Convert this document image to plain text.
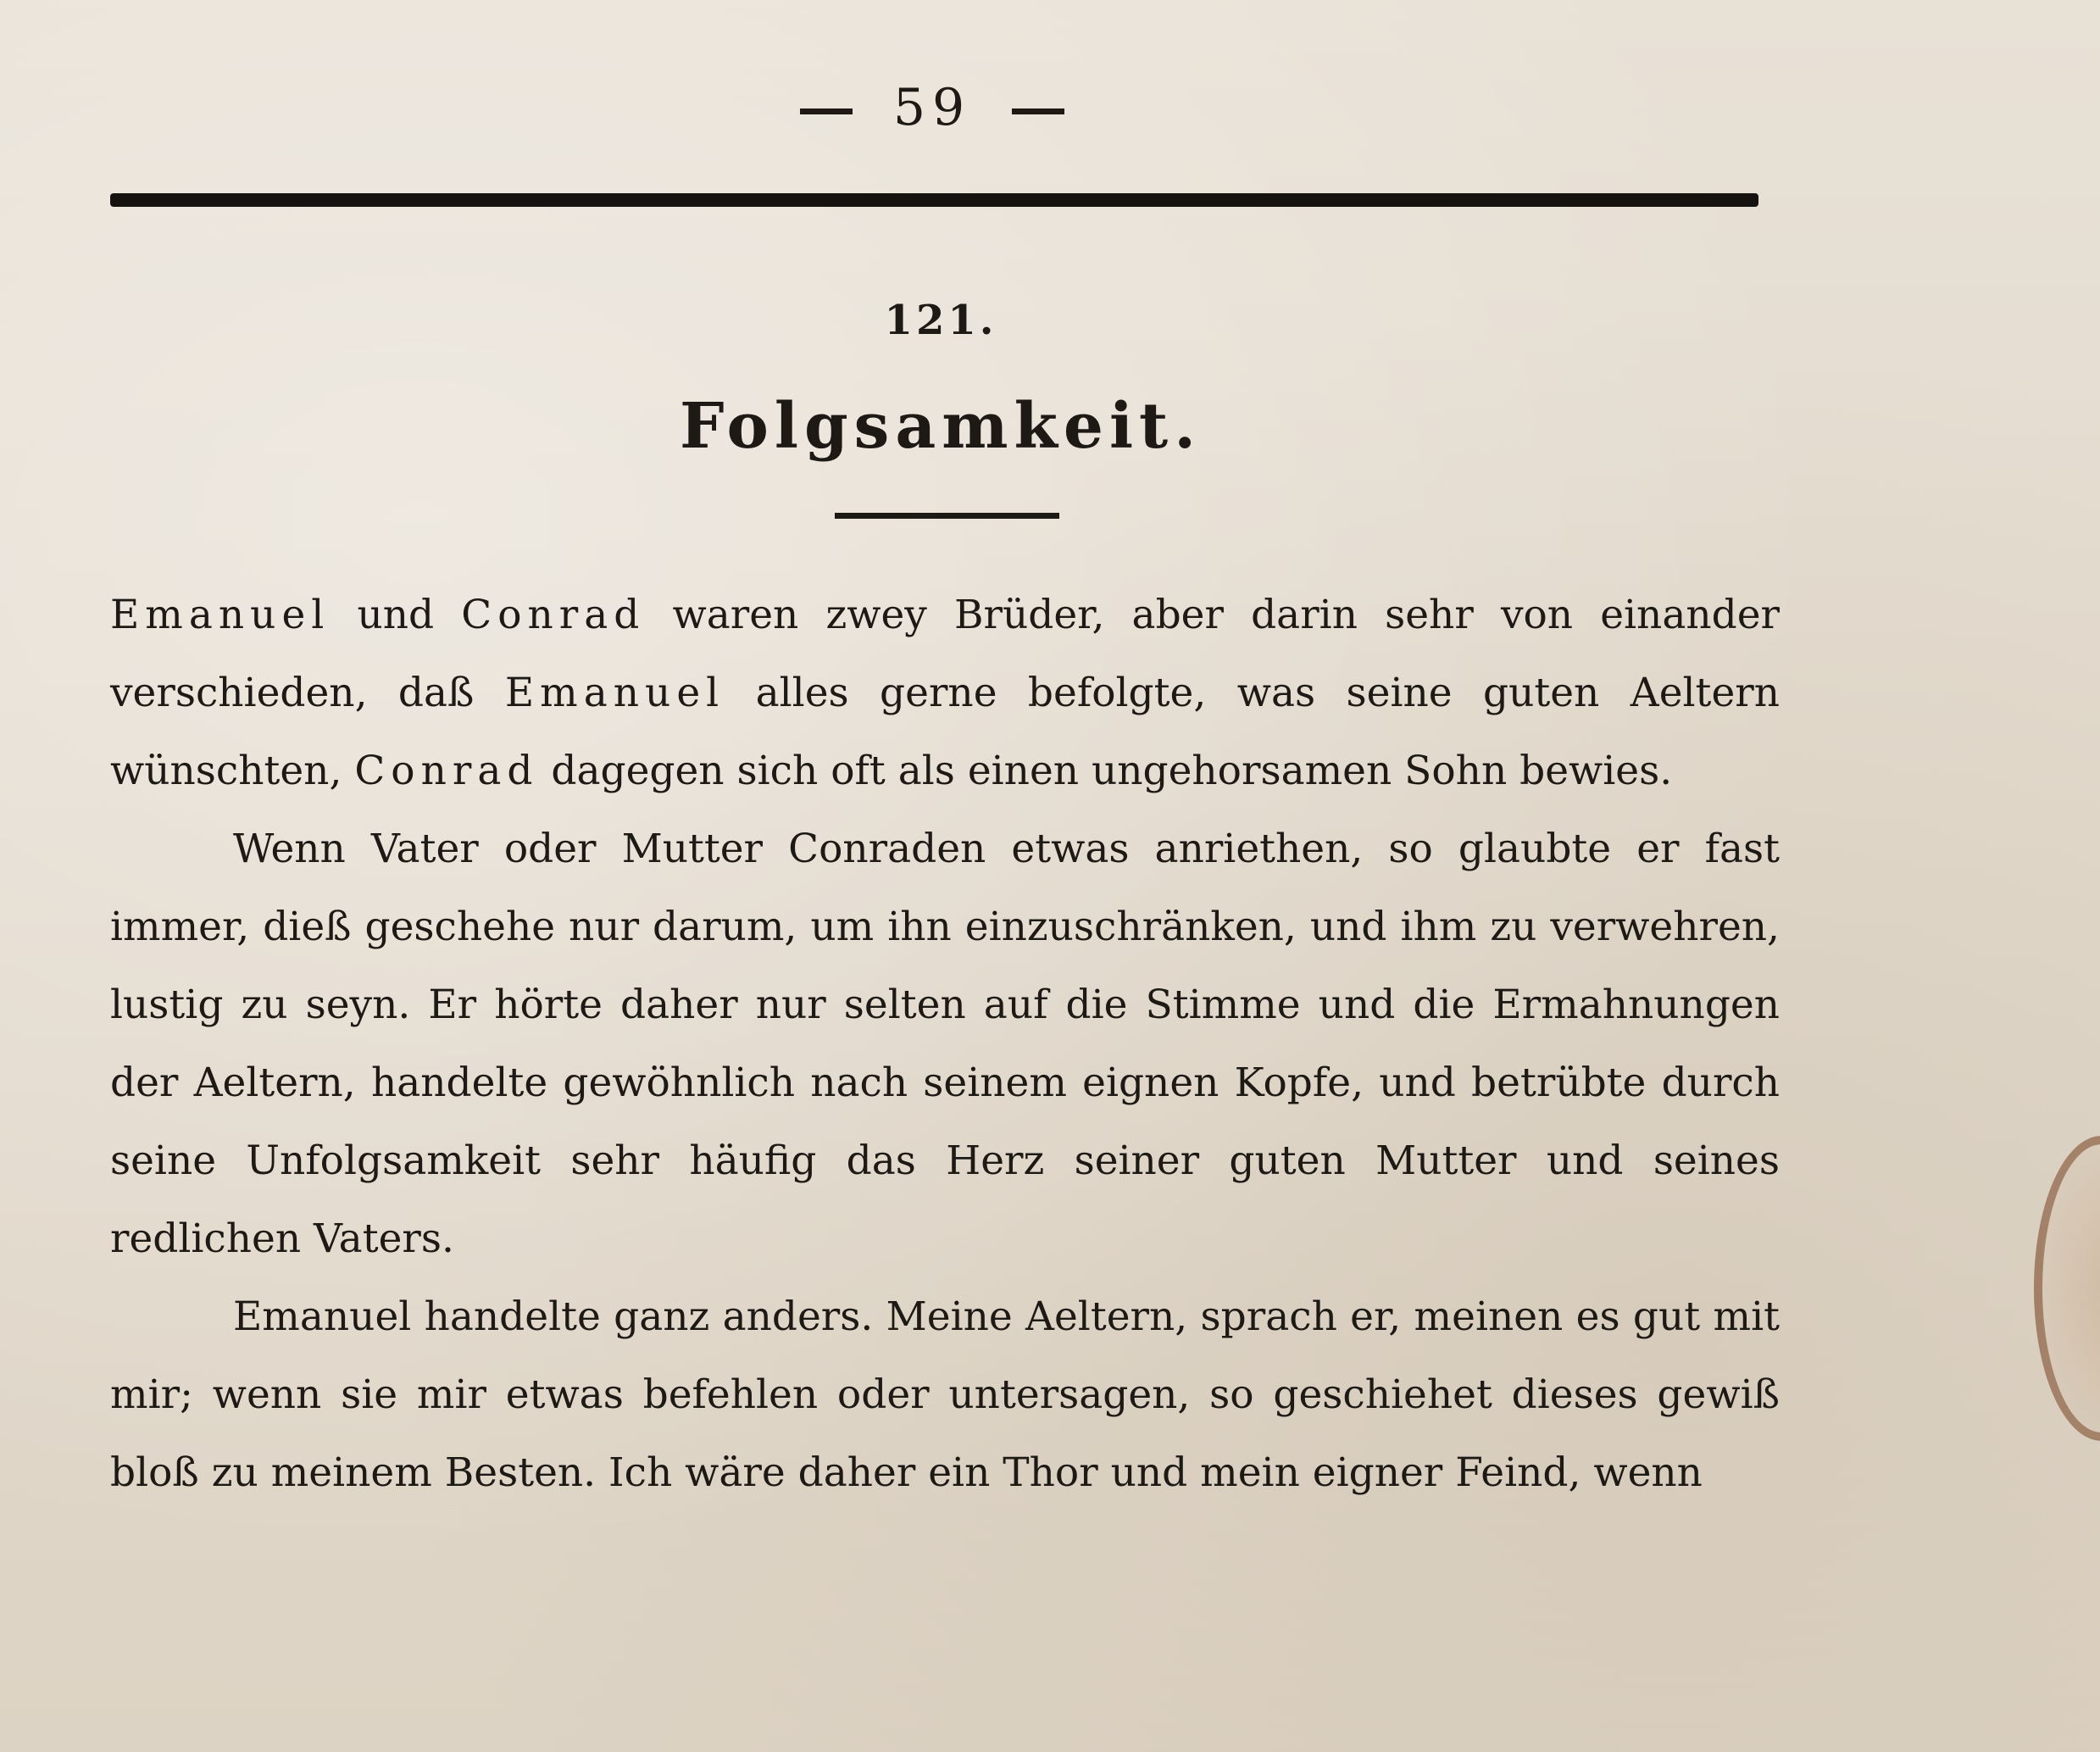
59
121.
Folgsamkeit.

Emanuel und Conrad waren zwey Brüder, aber darin sehr von einander verschieden, daß Emanuel alles gerne befolgte, was seine guten Aeltern wünschten, Conrad dagegen sich oft als einen ungehorsamen Sohn bewies.

Wenn Vater oder Mutter Conraden etwas anriethen, so glaubte er fast immer, dieß geschehe nur darum, um ihn einzuschränken, und ihm zu verwehren, lustig zu seyn. Er hörte daher nur selten auf die Stimme und die Ermahnungen der Aeltern, handelte gewöhnlich nach seinem eignen Kopfe, und betrübte durch seine Unfolgsamkeit sehr häufig das Herz seiner guten Mutter und seines redlichen Vaters.

Emanuel handelte ganz anders. Meine Aeltern, sprach er, meinen es gut mit mir; wenn sie mir etwas befehlen oder untersagen, so geschiehet dieses gewiß bloß zu meinem Besten. Ich wäre daher ein Thor und mein eigner Feind, wenn
